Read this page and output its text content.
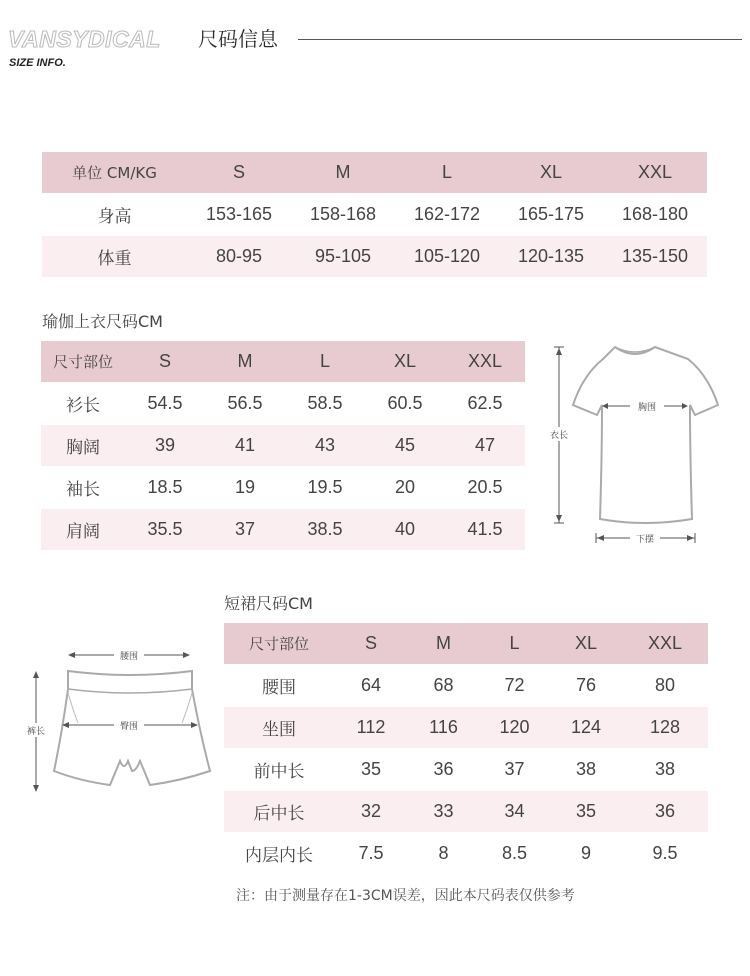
VANSYDICAL 尺码信息
SIZE INFO.
单位 CM/KG	S	M	L	XL	XXL
身高	153-165	158-168	162-172	165-175	168-180
体重	80-95	95-105	105-120	120-135	135-150
瑜伽上衣尺码CM
尺寸部位	S	M	L	XL	XXL
衫长	54.5	56.5	58.5	60.5	62.5
胸阔	39	41	43	45	47
袖长	18.5	19	19.5	20	20.5
肩阔	35.5	37	38.5	40	41.5
胸围
衣长
下摆
短裙尺码CM
尺寸部位	S	M	L	XL	XXL
腰围	64	68	72	76	80
坐围	112	116	120	124	128
前中长	35	36	37	38	38
后中长	32	33	34	35	36
内层内长	7.5	8	8.5	9	9.5
腰围
臀围
裤长
注：由于测量存在1-3CM误差，因此本尺码表仅供参考
